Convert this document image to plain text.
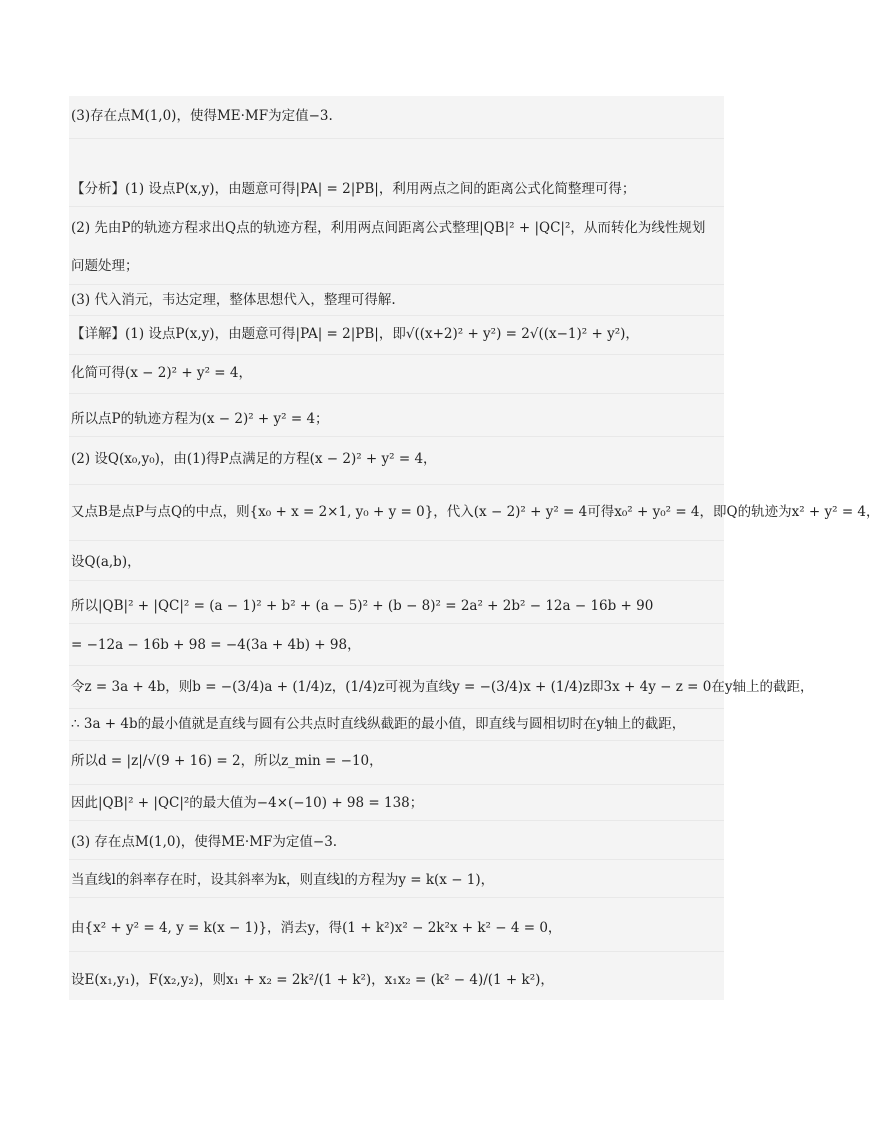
(3)存在点M(1,0)，使得ME·MF为定值−3.
【分析】(1) 设点P(x,y)，由题意可得|PA| = 2|PB|，利用两点之间的距离公式化简整理可得；
(2) 先由P的轨迹方程求出Q点的轨迹方程，利用两点间距离公式整理|QB|² + |QC|²，从而转化为线性规划
问题处理；
(3) 代入消元，韦达定理，整体思想代入，整理可得解.
【详解】(1) 设点P(x,y)，由题意可得|PA| = 2|PB|，即√((x+2)² + y²) = 2√((x−1)² + y²)，
化简可得(x − 2)² + y² = 4，
所以点P的轨迹方程为(x − 2)² + y² = 4；
(2) 设Q(x₀,y₀)，由(1)得P点满足的方程(x − 2)² + y² = 4，
又点B是点P与点Q的中点，则{x₀ + x = 2×1, y₀ + y = 0}，代入(x − 2)² + y² = 4可得x₀² + y₀² = 4，即Q的轨迹为x² + y² = 4，
设Q(a,b)，
所以|QB|² + |QC|² = (a − 1)² + b² + (a − 5)² + (b − 8)² = 2a² + 2b² − 12a − 16b + 90
= −12a − 16b + 98 = −4(3a + 4b) + 98，
令z = 3a + 4b，则b = −(3/4)a + (1/4)z，(1/4)z可视为直线y = −(3/4)x + (1/4)z即3x + 4y − z = 0在y轴上的截距，
∴ 3a + 4b的最小值就是直线与圆有公共点时直线纵截距的最小值，即直线与圆相切时在y轴上的截距，
所以d = |z|/√(9 + 16) = 2，所以z_min = −10，
因此|QB|² + |QC|²的最大值为−4×(−10) + 98 = 138；
(3) 存在点M(1,0)，使得ME·MF为定值−3.
当直线l的斜率存在时，设其斜率为k，则直线l的方程为y = k(x − 1)，
由{x² + y² = 4, y = k(x − 1)}，消去y，得(1 + k²)x² − 2k²x + k² − 4 = 0，
设E(x₁,y₁)，F(x₂,y₂)，则x₁ + x₂ = 2k²/(1 + k²)，x₁x₂ = (k² − 4)/(1 + k²)，
